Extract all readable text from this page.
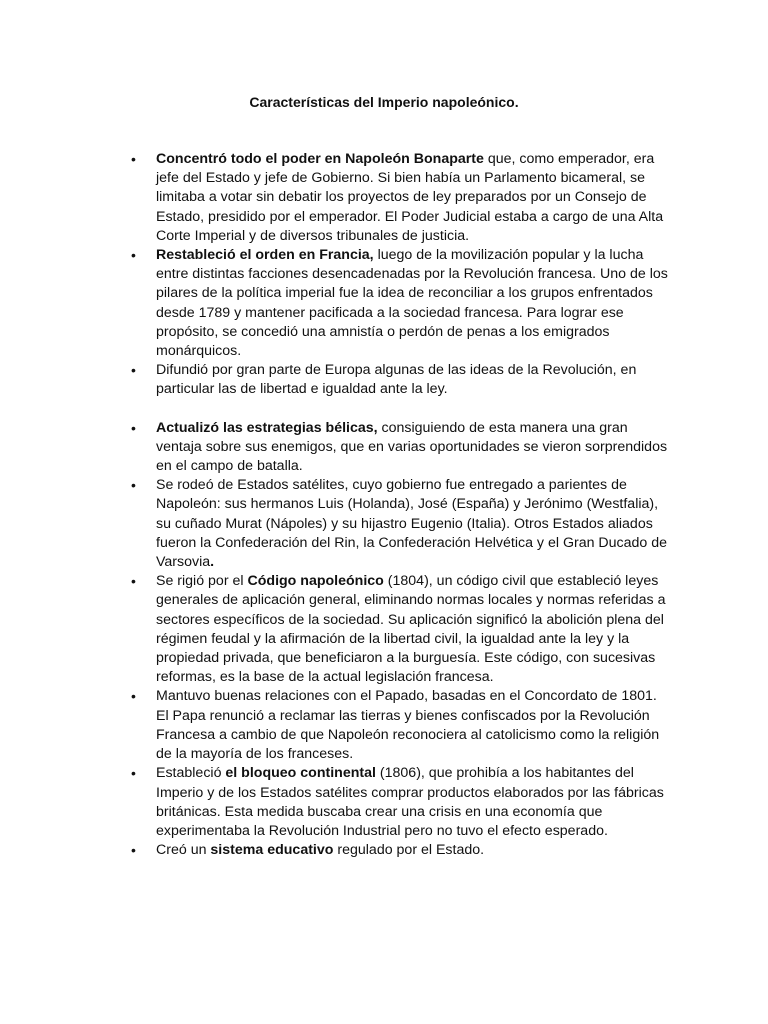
Características del Imperio napoleónico.
• Concentró todo el poder en Napoleón Bonaparte que, como emperador, era jefe del Estado y jefe de Gobierno. Si bien había un Parlamento bicameral, se limitaba a votar sin debatir los proyectos de ley preparados por un Consejo de Estado, presidido por el emperador. El Poder Judicial estaba a cargo de una Alta Corte Imperial y de diversos tribunales de justicia.
• Restableció el orden en Francia, luego de la movilización popular y la lucha entre distintas facciones desencadenadas por la Revolución francesa. Uno de los pilares de la política imperial fue la idea de reconciliar a los grupos enfrentados desde 1789 y mantener pacificada a la sociedad francesa. Para lograr ese propósito, se concedió una amnistía o perdón de penas a los emigrados monárquicos.
• Difundió por gran parte de Europa algunas de las ideas de la Revolución, en particular las de libertad e igualdad ante la ley.
• Actualizó las estrategias bélicas, consiguiendo de esta manera una gran ventaja sobre sus enemigos, que en varias oportunidades se vieron sorprendidos en el campo de batalla.
• Se rodeó de Estados satélites, cuyo gobierno fue entregado a parientes de Napoleón: sus hermanos Luis (Holanda), José (España) y Jerónimo (Westfalia), su cuñado Murat (Nápoles) y su hijastro Eugenio (Italia). Otros Estados aliados fueron la Confederación del Rin, la Confederación Helvética y el Gran Ducado de Varsovia.
• Se rigió por el Código napoleónico (1804), un código civil que estableció leyes generales de aplicación general, eliminando normas locales y normas referidas a sectores específicos de la sociedad. Su aplicación significó la abolición plena del régimen feudal y la afirmación de la libertad civil, la igualdad ante la ley y la propiedad privada, que beneficiaron a la burguesía. Este código, con sucesivas reformas, es la base de la actual legislación francesa.
• Mantuvo buenas relaciones con el Papado, basadas en el Concordato de 1801. El Papa renunció a reclamar las tierras y bienes confiscados por la Revolución Francesa a cambio de que Napoleón reconociera al catolicismo como la religión de la mayoría de los franceses.
• Estableció el bloqueo continental (1806), que prohibía a los habitantes del Imperio y de los Estados satélites comprar productos elaborados por las fábricas británicas. Esta medida buscaba crear una crisis en una economía que experimentaba la Revolución Industrial pero no tuvo el efecto esperado.
• Creó un sistema educativo regulado por el Estado.
